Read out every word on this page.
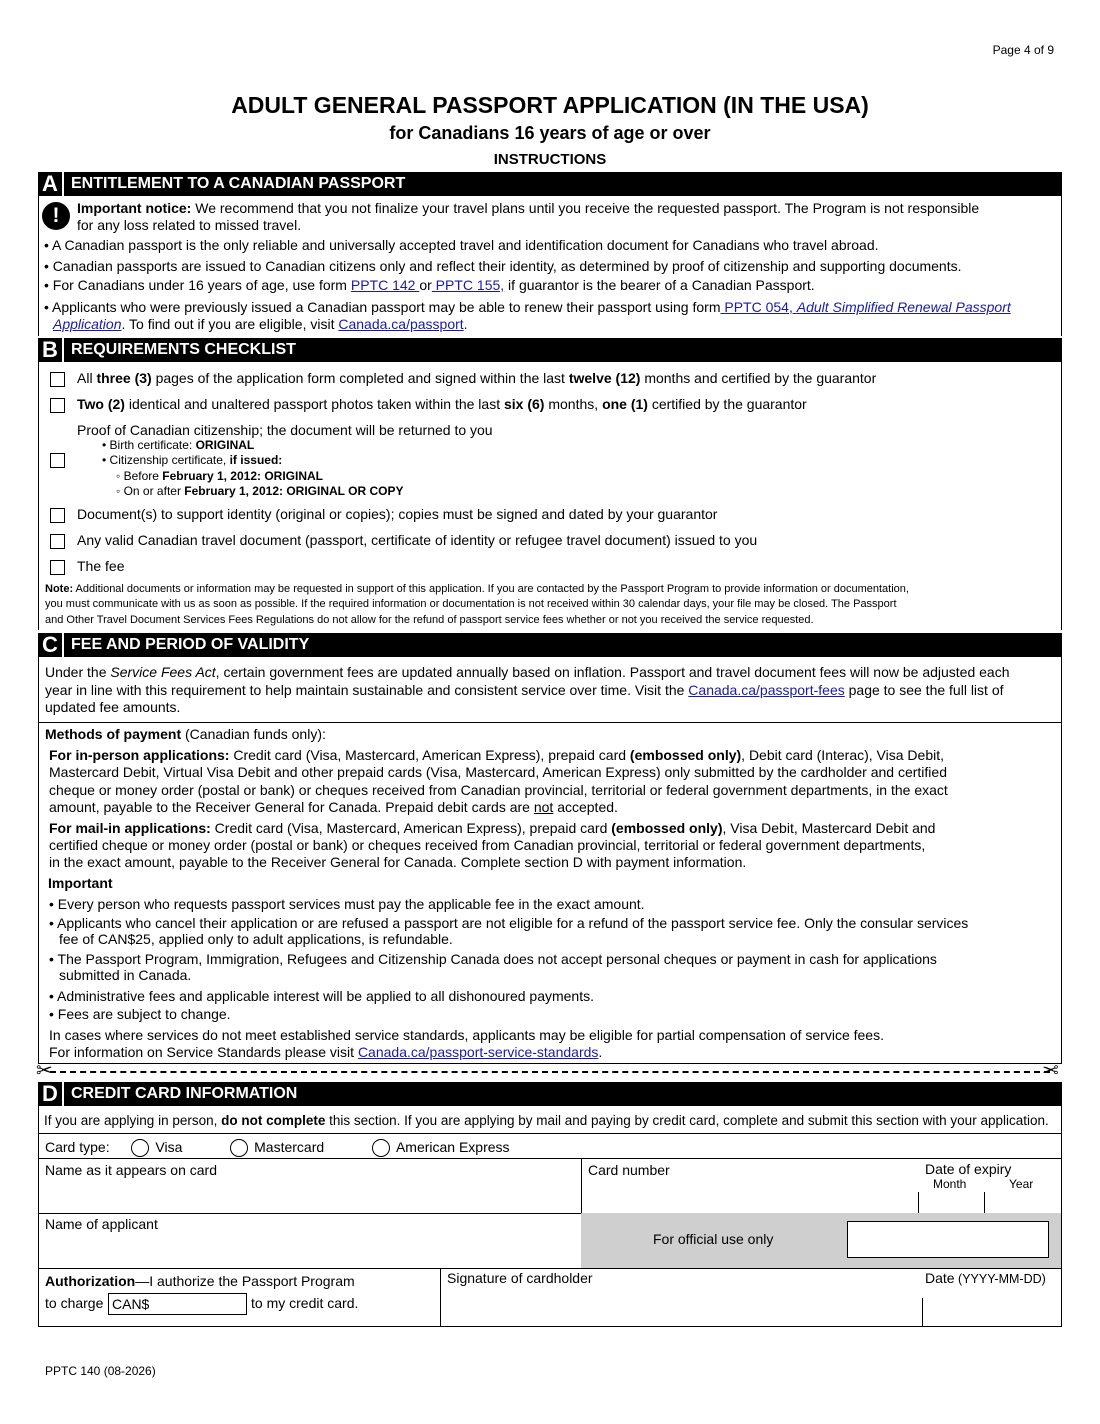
Page 4 of 9
ADULT GENERAL PASSPORT APPLICATION (IN THE USA)
for Canadians 16 years of age or over
INSTRUCTIONS
A ENTITLEMENT TO A CANADIAN PASSPORT
!	Important notice: We recommend that you not finalize your travel plans until you receive the requested passport. The Program is not responsible
for any loss related to missed travel.
• A Canadian passport is the only reliable and universally accepted travel and identification document for Canadians who travel abroad.
• Canadian passports are issued to Canadian citizens only and reflect their identity, as determined by proof of citizenship and supporting documents.
• For Canadians under 16 years of age, use form PPTC 142 or PPTC 155, if guarantor is the bearer of a Canadian Passport.
• Applicants who were previously issued a Canadian passport may be able to renew their passport using form PPTC 054, Adult Simplified Renewal Passport
Application. To find out if you are eligible, visit Canada.ca/passport.
B REQUIREMENTS CHECKLIST
All three (3) pages of the application form completed and signed within the last twelve (12) months and certified by the guarantor
Two (2) identical and unaltered passport photos taken within the last six (6) months, one (1) certified by the guarantor
Proof of Canadian citizenship; the document will be returned to you
• Birth certificate: ORIGINAL
• Citizenship certificate, if issued:
◦ Before February 1, 2012: ORIGINAL
◦ On or after February 1, 2012: ORIGINAL OR COPY
Document(s) to support identity (original or copies); copies must be signed and dated by your guarantor
Any valid Canadian travel document (passport, certificate of identity or refugee travel document) issued to you
The fee
Note: Additional documents or information may be requested in support of this application. If you are contacted by the Passport Program to provide information or documentation,
you must communicate with us as soon as possible. If the required information or documentation is not received within 30 calendar days, your file may be closed. The Passport
and Other Travel Document Services Fees Regulations do not allow for the refund of passport service fees whether or not you received the service requested.
C FEE AND PERIOD OF VALIDITY
Under the Service Fees Act, certain government fees are updated annually based on inflation. Passport and travel document fees will now be adjusted each
year in line with this requirement to help maintain sustainable and consistent service over time. Visit the Canada.ca/passport-fees page to see the full list of
updated fee amounts.
Methods of payment (Canadian funds only):
For in-person applications: Credit card (Visa, Mastercard, American Express), prepaid card (embossed only), Debit card (Interac), Visa Debit,
Mastercard Debit, Virtual Visa Debit and other prepaid cards (Visa, Mastercard, American Express) only submitted by the cardholder and certified
cheque or money order (postal or bank) or cheques received from Canadian provincial, territorial or federal government departments, in the exact
amount, payable to the Receiver General for Canada. Prepaid debit cards are not accepted.
For mail-in applications: Credit card (Visa, Mastercard, American Express), prepaid card (embossed only), Visa Debit, Mastercard Debit and
certified cheque or money order (postal or bank) or cheques received from Canadian provincial, territorial or federal government departments,
in the exact amount, payable to the Receiver General for Canada. Complete section D with payment information.
Important
• Every person who requests passport services must pay the applicable fee in the exact amount.
• Applicants who cancel their application or are refused a passport are not eligible for a refund of the passport service fee. Only the consular services
fee of CAN$25, applied only to adult applications, is refundable.
• The Passport Program, Immigration, Refugees and Citizenship Canada does not accept personal cheques or payment in cash for applications
submitted in Canada.
• Administrative fees and applicable interest will be applied to all dishonoured payments.
• Fees are subject to change.
In cases where services do not meet established service standards, applicants may be eligible for partial compensation of service fees.
For information on Service Standards please visit Canada.ca/passport-service-standards.
✂	✂
D CREDIT CARD INFORMATION
If you are applying in person, do not complete this section. If you are applying by mail and paying by credit card, complete and submit this section with your application.
Card type:	Visa	Mastercard	American Express
Name as it appears on card	Card number	Date of expiry
Month	Year
Name of applicant
For official use only
Authorization—I authorize the Passport Program
to charge CAN$	to my credit card.
Signature of cardholder	Date (YYYY-MM-DD)
PPTC 140 (08-2026)
